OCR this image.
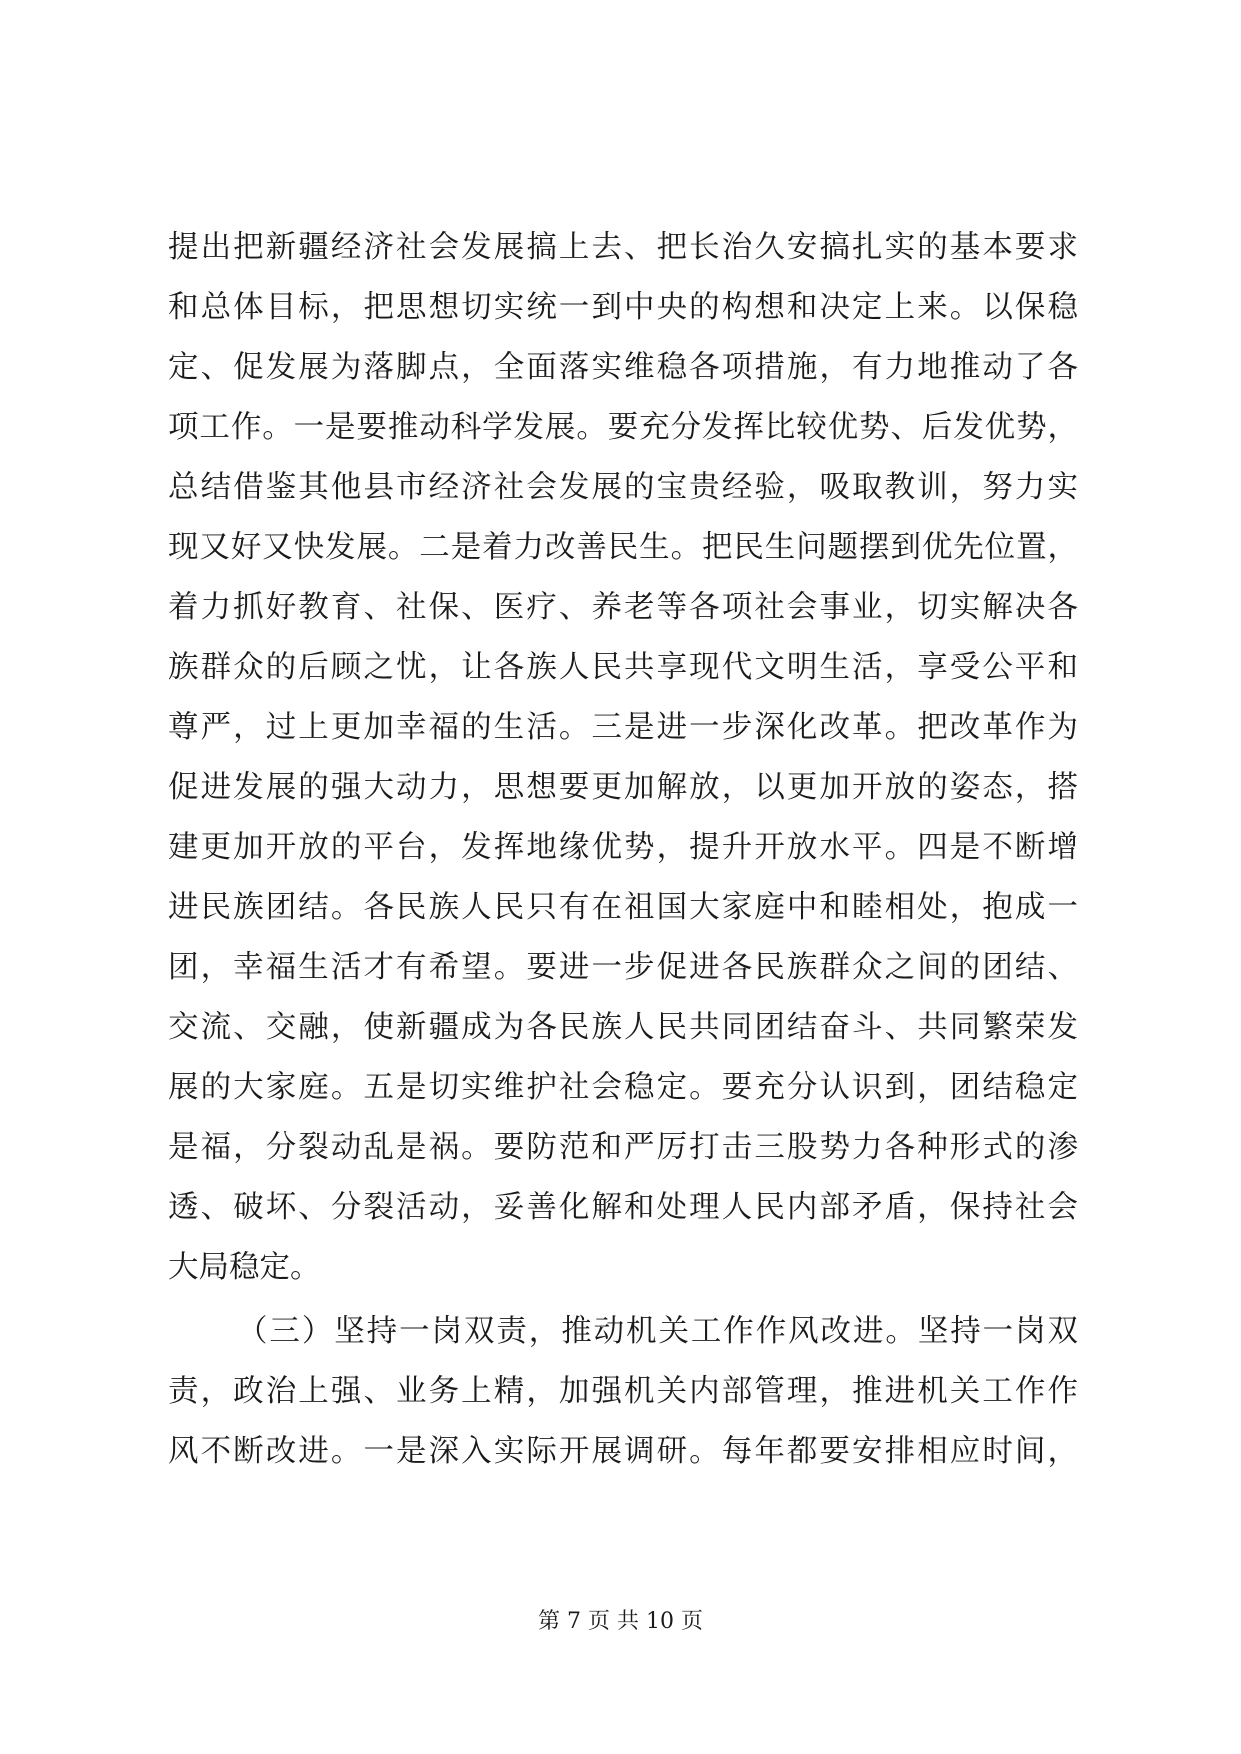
提出把新疆经济社会发展搞上去、把长治久安搞扎实的基本要求
和总体目标，把思想切实统一到中央的构想和决定上来。以保稳
定、促发展为落脚点，全面落实维稳各项措施，有力地推动了各
项工作。一是要推动科学发展。要充分发挥比较优势、后发优势，
总结借鉴其他县市经济社会发展的宝贵经验，吸取教训，努力实
现又好又快发展。二是着力改善民生。把民生问题摆到优先位置，
着力抓好教育、社保、医疗、养老等各项社会事业，切实解决各
族群众的后顾之忧，让各族人民共享现代文明生活，享受公平和
尊严，过上更加幸福的生活。三是进一步深化改革。把改革作为
促进发展的强大动力，思想要更加解放，以更加开放的姿态，搭
建更加开放的平台，发挥地缘优势，提升开放水平。四是不断增
进民族团结。各民族人民只有在祖国大家庭中和睦相处，抱成一
团，幸福生活才有希望。要进一步促进各民族群众之间的团结、
交流、交融，使新疆成为各民族人民共同团结奋斗、共同繁荣发
展的大家庭。五是切实维护社会稳定。要充分认识到，团结稳定
是福，分裂动乱是祸。要防范和严厉打击三股势力各种形式的渗
透、破坏、分裂活动，妥善化解和处理人民内部矛盾，保持社会
大局稳定。
（三）坚持一岗双责，推动机关工作作风改进。坚持一岗双
责，政治上强、业务上精，加强机关内部管理，推进机关工作作
风不断改进。一是深入实际开展调研。每年都要安排相应时间，
第 7 页 共 10 页
